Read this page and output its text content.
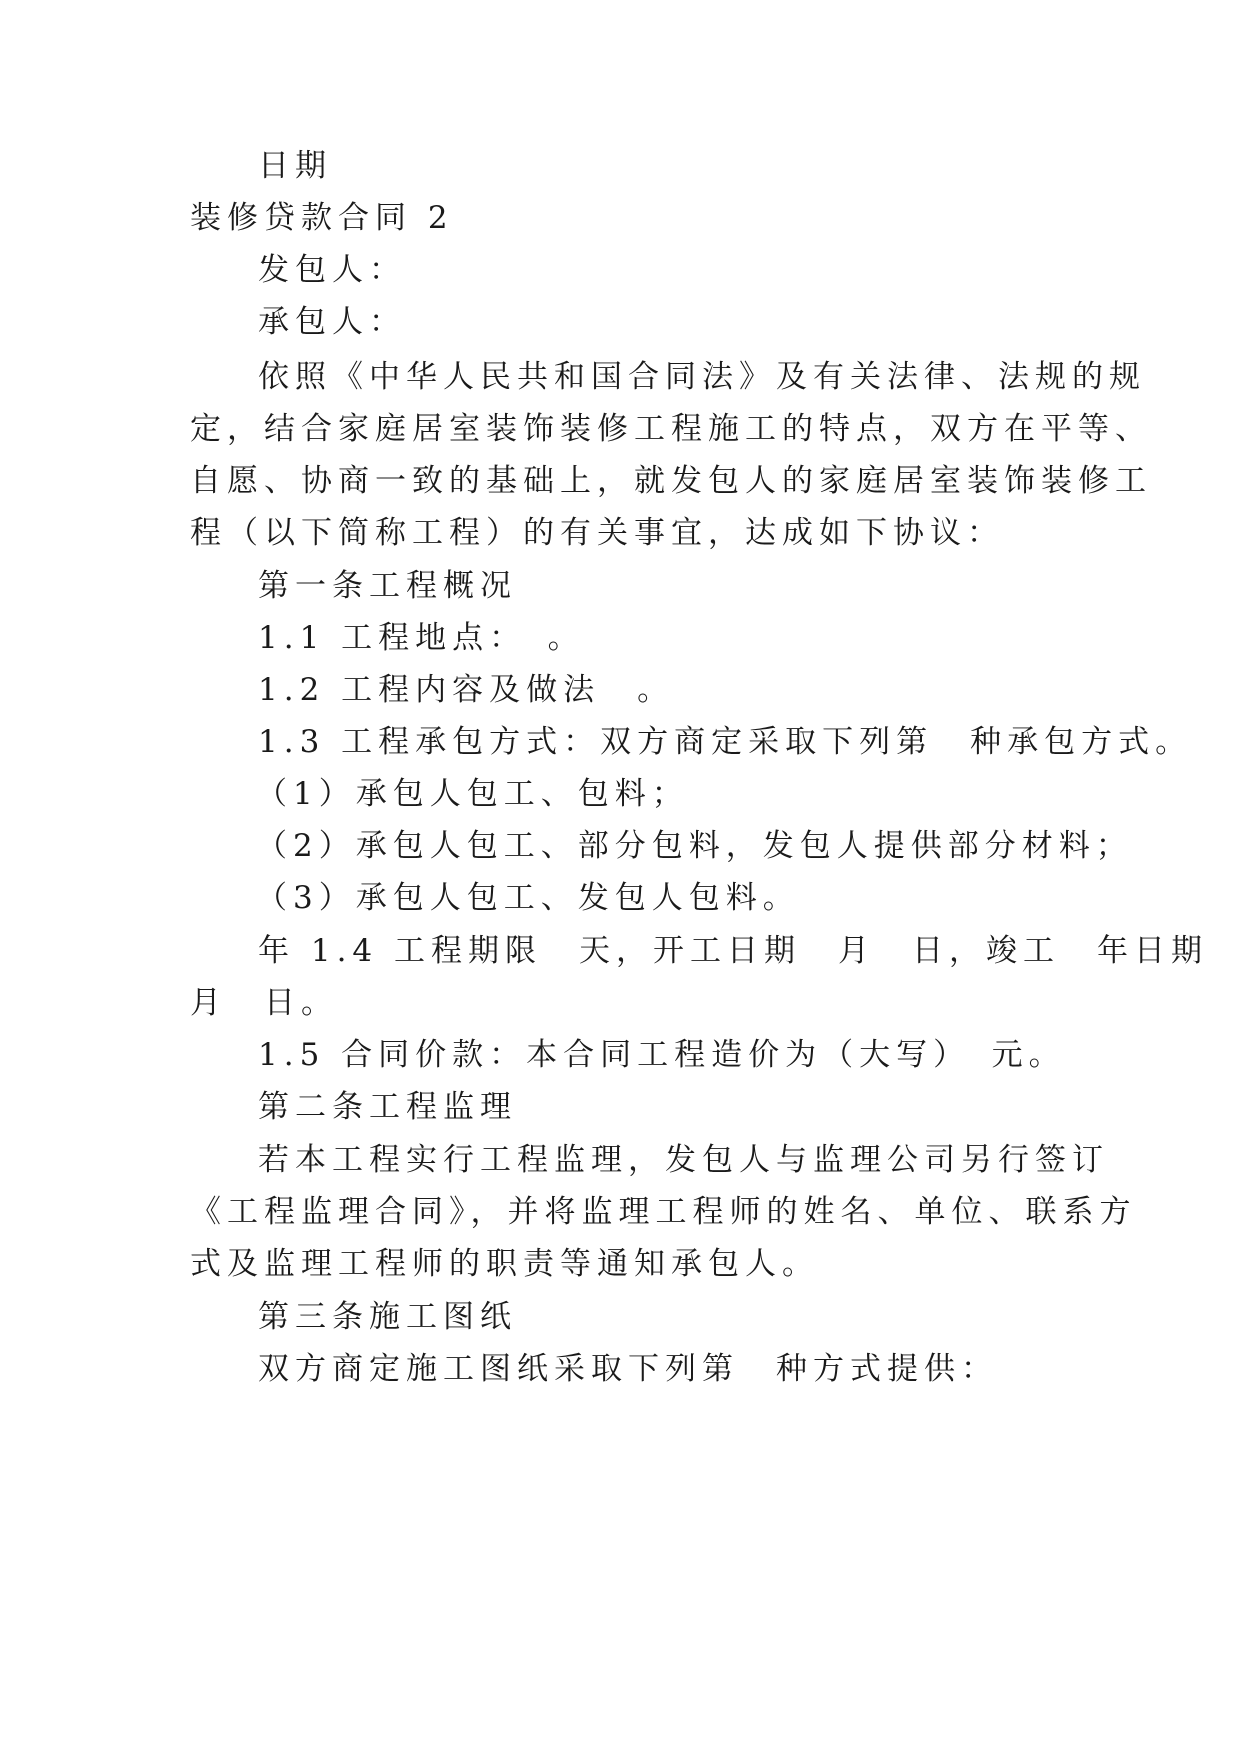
日期
装修贷款合同 2
发包人：
承包人：
依照《中华人民共和国合同法》及有关法律、法规的规
定，结合家庭居室装饰装修工程施工的特点，双方在平等、
自愿、协商一致的基础上，就发包人的家庭居室装饰装修工
程（以下简称工程）的有关事宜，达成如下协议：
第一条工程概况
1.1 工程地点：　。
1.2 工程内容及做法　。
1.3 工程承包方式：双方商定采取下列第　种承包方式。
（1）承包人包工、包料；
（2）承包人包工、部分包料，发包人提供部分材料；
（3）承包人包工、发包人包料。
年 1.4 工程期限　天，开工日期　月　日，竣工　年日期
月　日。
1.5 合同价款：本合同工程造价为（大写）　元。
第二条工程监理
若本工程实行工程监理，发包人与监理公司另行签订
《工程监理合同》，并将监理工程师的姓名、单位、联系方
式及监理工程师的职责等通知承包人。
第三条施工图纸
双方商定施工图纸采取下列第　种方式提供：
